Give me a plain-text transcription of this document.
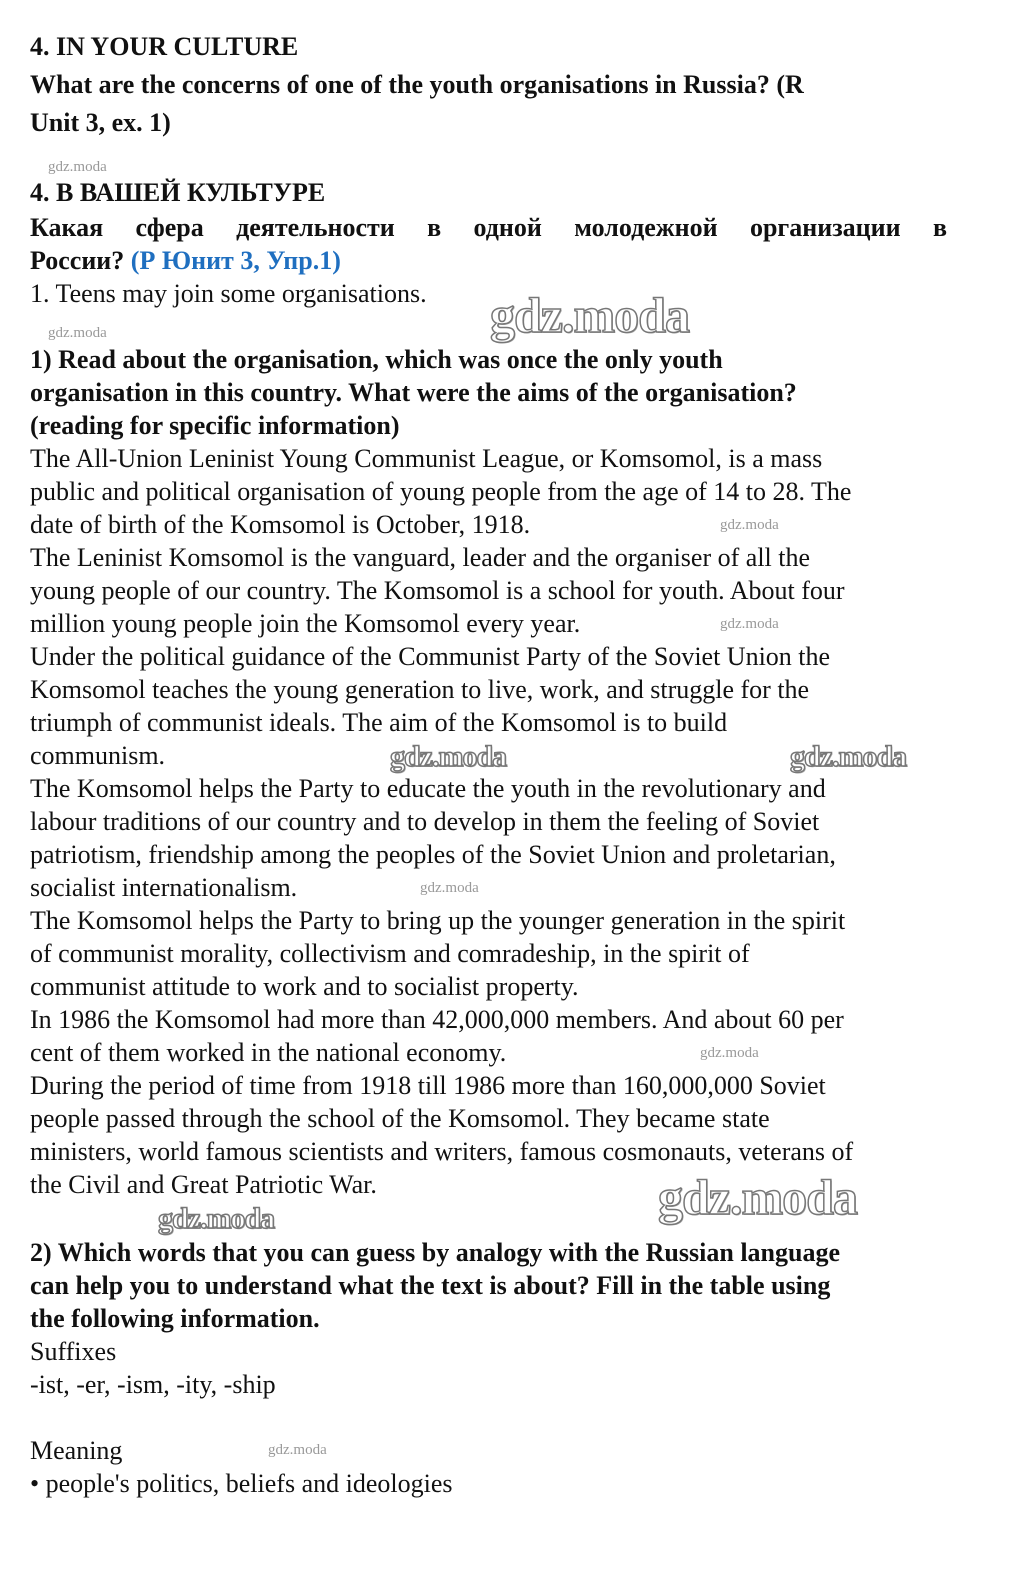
4. IN YOUR CULTURE
What are the concerns of one of the youth organisations in Russia? (R
Unit 3, ex. 1)
4. В ВАШЕЙ КУЛЬТУРЕ
Какая сфера деятельности в одной молодежной организации в
России? (Р Юнит 3, Упр.1)
1. Teens may join some organisations.
1) Read about the organisation, which was once the only youth
organisation in this country. What were the aims of the organisation?
(reading for specific information)
The All-Union Leninist Young Communist League, or Komsomol, is a mass
public and political organisation of young people from the age of 14 to 28. The
date of birth of the Komsomol is October, 1918.
The Leninist Komsomol is the vanguard, leader and the organiser of all the
young people of our country. The Komsomol is a school for youth. About four
million young people join the Komsomol every year.
Under the political guidance of the Communist Party of the Soviet Union the
Komsomol teaches the young generation to live, work, and struggle for the
triumph of communist ideals. The aim of the Komsomol is to build
communism.
The Komsomol helps the Party to educate the youth in the revolutionary and
labour traditions of our country and to develop in them the feeling of Soviet
patriotism, friendship among the peoples of the Soviet Union and proletarian,
socialist internationalism.
The Komsomol helps the Party to bring up the younger generation in the spirit
of communist morality, collectivism and comradeship, in the spirit of
communist attitude to work and to socialist property.
In 1986 the Komsomol had more than 42,000,000 members. And about 60 per
cent of them worked in the national economy.
During the period of time from 1918 till 1986 more than 160,000,000 Soviet
people passed through the school of the Komsomol. They became state
ministers, world famous scientists and writers, famous cosmonauts, veterans of
the Civil and Great Patriotic War.
2) Which words that you can guess by analogy with the Russian language
can help you to understand what the text is about? Fill in the table using
the following information.
Suffixes
-ist, -er, -ism, -ity, -ship
Meaning
• people's politics, beliefs and ideologies
gdz.moda
gdz.moda
gdz.moda
gdz.moda
gdz.moda
gdz.moda
gdz.moda
gdz.moda
gdz.moda	gdz.moda
gdz.moda
gdz.moda
